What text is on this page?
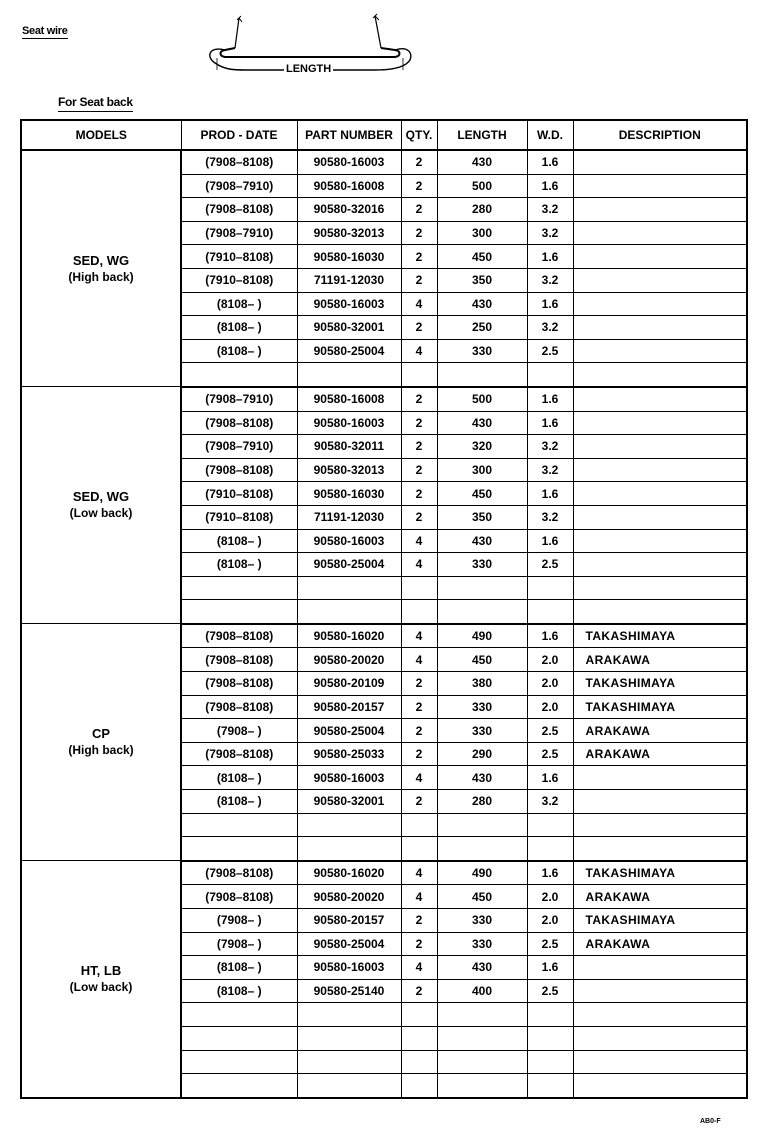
Seat wire
LENGTH
For Seat back
MODELS	PROD - DATE	PART NUMBER	QTY.	LENGTH	W.D.	DESCRIPTION

SED, WG
(High back)	(7908–8108)	90580-16003	2	430	1.6	
	(7908–7910)	90580-16008	2	500	1.6	
	(7908–8108)	90580-32016	2	280	3.2	
	(7908–7910)	90580-32013	2	300	3.2	
	(7910–8108)	90580-16030	2	450	1.6	
	(7910–8108)	71191-12030	2	350	3.2	
	(8108– )	90580-16003	4	430	1.6	
	(8108– )	90580-32001	2	250	3.2	
	(8108– )	90580-25004	4	330	2.5	

SED, WG
(Low back)	(7908–7910)	90580-16008	2	500	1.6	
	(7908–8108)	90580-16003	2	430	1.6	
	(7908–7910)	90580-32011	2	320	3.2	
	(7908–8108)	90580-32013	2	300	3.2	
	(7910–8108)	90580-16030	2	450	1.6	
	(7910–8108)	71191-12030	2	350	3.2	
	(8108– )	90580-16003	4	430	1.6	
	(8108– )	90580-25004	4	330	2.5	

CP
(High back)	(7908–8108)	90580-16020	4	490	1.6	TAKASHIMAYA
	(7908–8108)	90580-20020	4	450	2.0	ARAKAWA
	(7908–8108)	90580-20109	2	380	2.0	TAKASHIMAYA
	(7908–8108)	90580-20157	2	330	2.0	TAKASHIMAYA
	(7908– )	90580-25004	2	330	2.5	ARAKAWA
	(7908–8108)	90580-25033	2	290	2.5	ARAKAWA
	(8108– )	90580-16003	4	430	1.6	
	(8108– )	90580-32001	2	280	3.2	

HT, LB
(Low back)	(7908–8108)	90580-16020	4	490	1.6	TAKASHIMAYA
	(7908–8108)	90580-20020	4	450	2.0	ARAKAWA
	(7908– )	90580-20157	2	330	2.0	TAKASHIMAYA
	(7908– )	90580-25004	2	330	2.5	ARAKAWA
	(8108– )	90580-16003	4	430	1.6	
	(8108– )	90580-25140	2	400	2.5	

AB0-F
